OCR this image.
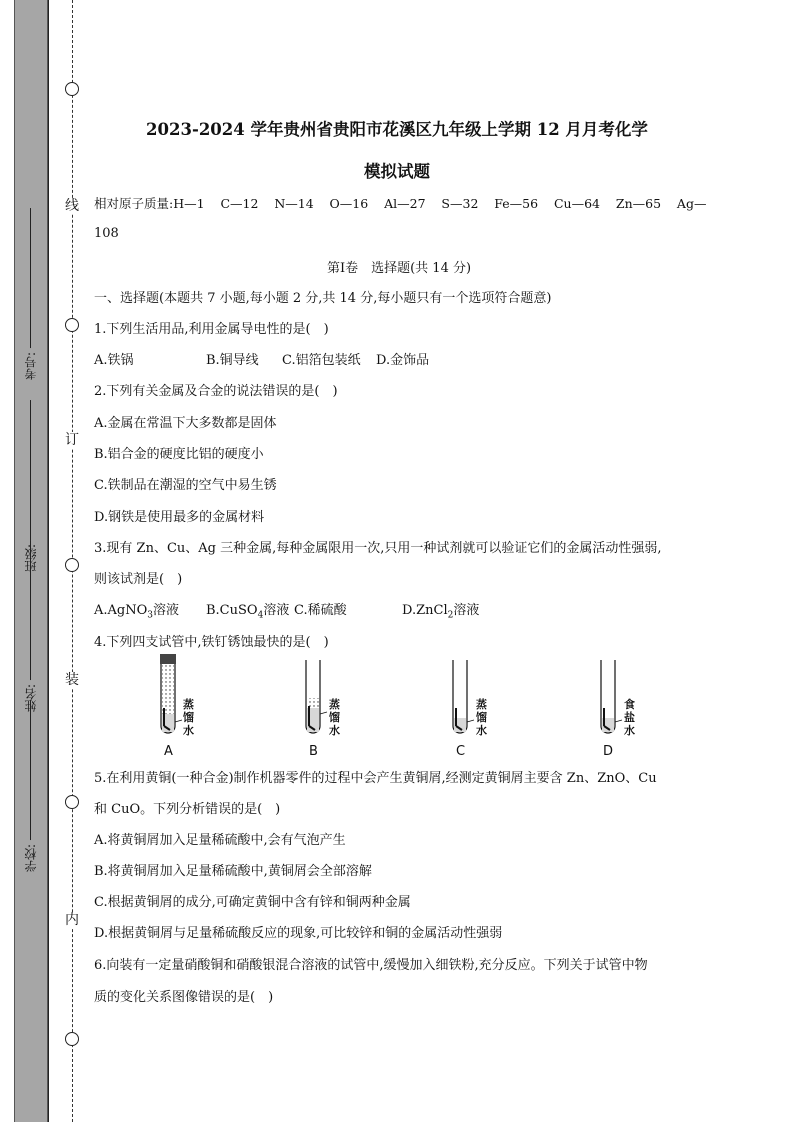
线
订
装
内
考号:
班级:
姓名:
学校:
2023-2024 学年贵州省贵阳市花溪区九年级上学期 12 月月考化学
模拟试题
相对原子质量:H—1    C—12    N—14    O—16    Al—27    S—32    Fe—56    Cu—64    Zn—65    Ag—
108
第Ⅰ卷　选择题(共 14 分)
一、选择题(本题共 7 小题,每小题 2 分,共 14 分,每小题只有一个选项符合题意)
1.下列生活用品,利用金属导电性的是(　)
A.铁锅	B.铜导线 C.铝箔包装纸 D.金饰品
2.下列有关金属及合金的说法错误的是(　)
A.金属在常温下大多数都是固体
B.铝合金的硬度比铝的硬度小
C.铁制品在潮湿的空气中易生锈
D.钢铁是使用最多的金属材料
3.现有 Zn、Cu、Ag 三种金属,每种金属限用一次,只用一种试剂就可以验证它们的金属活动性强弱,
则该试剂是(　)
A.AgNO$_3$溶液 B.CuSO$_4$溶液 C.稀硫酸	D.ZnCl$_2$溶液
4.下列四支试管中,铁钉锈蚀最快的是(　)
蒸
馏
水
蒸
馏
水
蒸
馏
水
食
盐
水
A	B	C	D
5.在利用黄铜(一种合金)制作机器零件的过程中会产生黄铜屑,经测定黄铜屑主要含 Zn、ZnO、Cu
和 CuO。下列分析错误的是(　)
A.将黄铜屑加入足量稀硫酸中,会有气泡产生
B.将黄铜屑加入足量稀硫酸中,黄铜屑会全部溶解
C.根据黄铜屑的成分,可确定黄铜中含有锌和铜两种金属
D.根据黄铜屑与足量稀硫酸反应的现象,可比较锌和铜的金属活动性强弱
6.向装有一定量硝酸铜和硝酸银混合溶液的试管中,缓慢加入细铁粉,充分反应。下列关于试管中物
质的变化关系图像错误的是(　)
